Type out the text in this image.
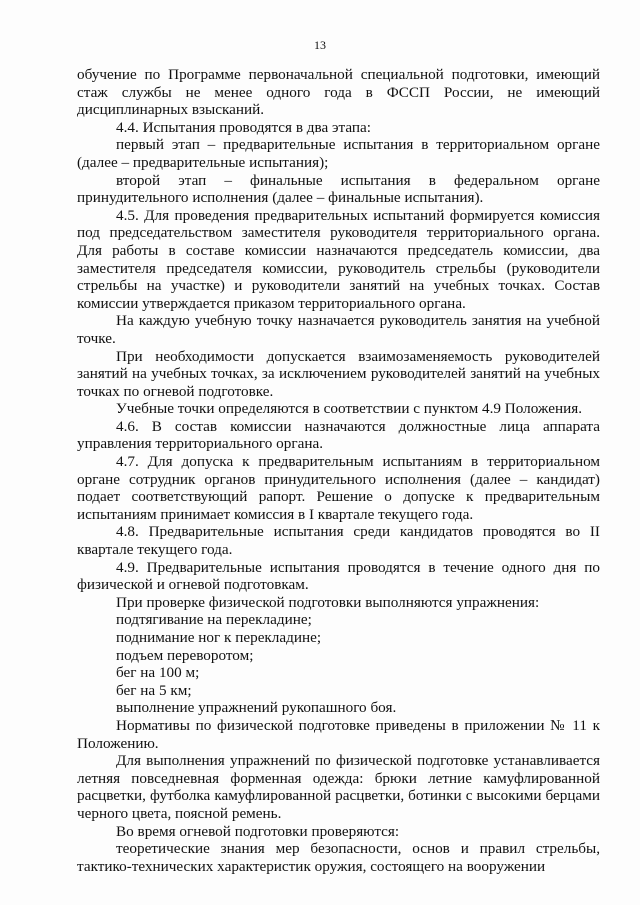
13

обучение по Программе первоначальной специальной подготовки, имеющий стаж службы не менее одного года в ФССП России, не имеющий дисциплинарных взысканий.

4.4. Испытания проводятся в два этапа:

первый этап – предварительные испытания в территориальном органе (далее – предварительные испытания);

второй этап – финальные испытания в федеральном органе принудительного исполнения (далее – финальные испытания).

4.5. Для проведения предварительных испытаний формируется комиссия под председательством заместителя руководителя территориального органа. Для работы в составе комиссии назначаются председатель комиссии, два заместителя председателя комиссии, руководитель стрельбы (руководители стрельбы на участке) и руководители занятий на учебных точках. Состав комиссии утверждается приказом территориального органа.

На каждую учебную точку назначается руководитель занятия на учебной точке.

При необходимости допускается взаимозаменяемость руководителей занятий на учебных точках, за исключением руководителей занятий на учебных точках по огневой подготовке.

Учебные точки определяются в соответствии с пунктом 4.9 Положения.

4.6. В состав комиссии назначаются должностные лица аппарата управления территориального органа.

4.7. Для допуска к предварительным испытаниям в территориальном органе сотрудник органов принудительного исполнения (далее – кандидат) подает соответствующий рапорт. Решение о допуске к предварительным испытаниям принимает комиссия в I квартале текущего года.

4.8. Предварительные испытания среди кандидатов проводятся во II квартале текущего года.

4.9. Предварительные испытания проводятся в течение одного дня по физической и огневой подготовкам.

При проверке физической подготовки выполняются упражнения:

подтягивание на перекладине;

поднимание ног к перекладине;

подъем переворотом;

бег на 100 м;

бег на 5 км;

выполнение упражнений рукопашного боя.

Нормативы по физической подготовке приведены в приложении № 11 к Положению.

Для выполнения упражнений по физической подготовке устанавливается летняя повседневная форменная одежда: брюки летние камуфлированной расцветки, футболка камуфлированной расцветки, ботинки с высокими берцами черного цвета, поясной ремень.

Во время огневой подготовки проверяются:

теоретические знания мер безопасности, основ и правил стрельбы, тактико-технических характеристик оружия, состоящего на вооружении
